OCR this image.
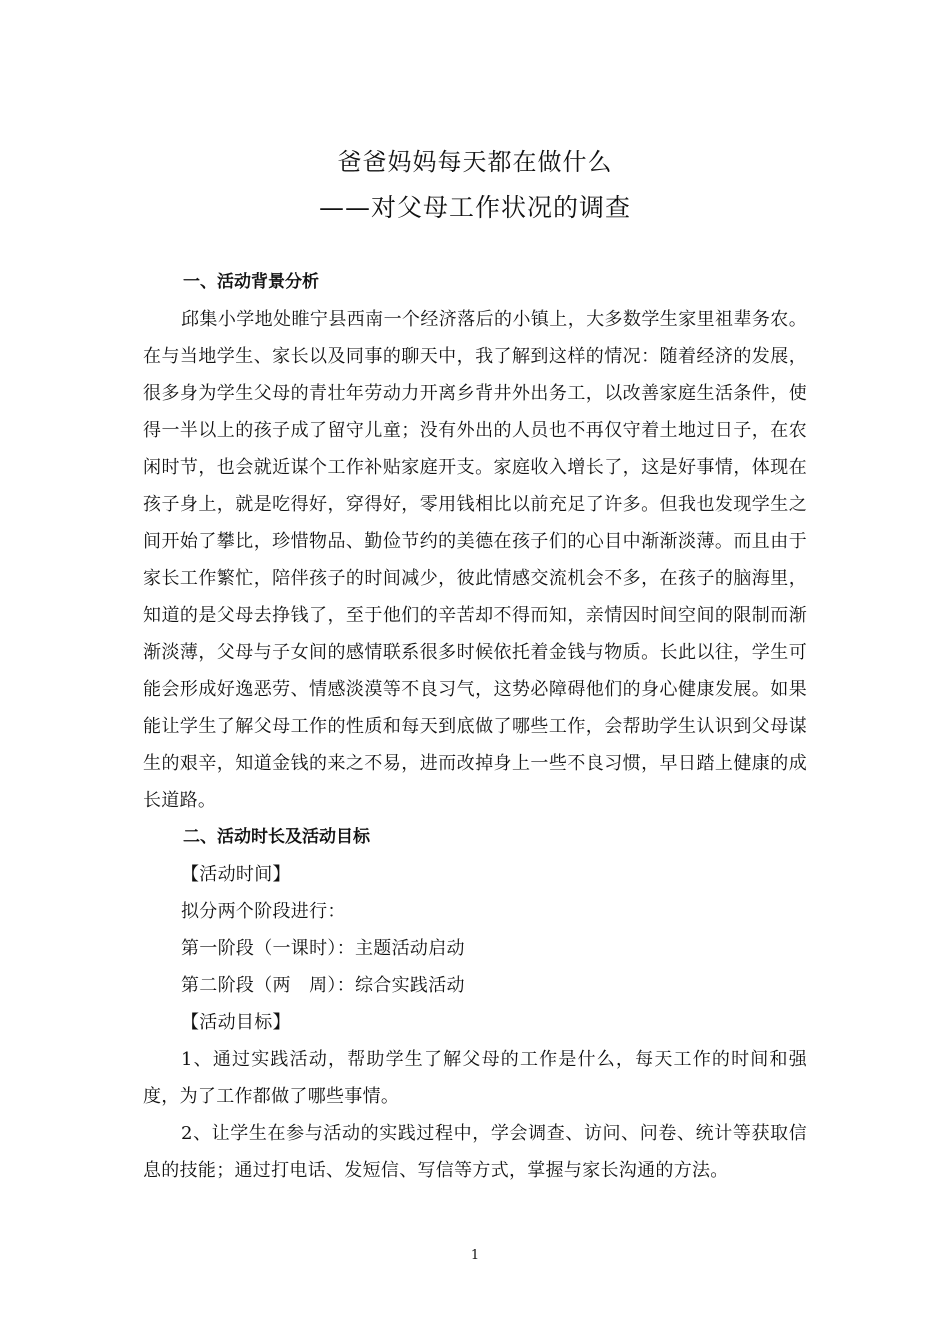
爸爸妈妈每天都在做什么
——对父母工作状况的调查

一、活动背景分析

邱集小学地处睢宁县西南一个经济落后的小镇上，大多数学生家里祖辈务农。在与当地学生、家长以及同事的聊天中，我了解到这样的情况：随着经济的发展，很多身为学生父母的青壮年劳动力开离乡背井外出务工，以改善家庭生活条件，使得一半以上的孩子成了留守儿童；没有外出的人员也不再仅守着土地过日子，在农闲时节，也会就近谋个工作补贴家庭开支。家庭收入增长了，这是好事情，体现在孩子身上，就是吃得好，穿得好，零用钱相比以前充足了许多。但我也发现学生之间开始了攀比，珍惜物品、勤俭节约的美德在孩子们的心目中渐渐淡薄。而且由于家长工作繁忙，陪伴孩子的时间减少，彼此情感交流机会不多，在孩子的脑海里，知道的是父母去挣钱了，至于他们的辛苦却不得而知，亲情因时间空间的限制而渐渐淡薄，父母与子女间的感情联系很多时候依托着金钱与物质。长此以往，学生可能会形成好逸恶劳、情感淡漠等不良习气，这势必障碍他们的身心健康发展。如果能让学生了解父母工作的性质和每天到底做了哪些工作，会帮助学生认识到父母谋生的艰辛，知道金钱的来之不易，进而改掉身上一些不良习惯，早日踏上健康的成长道路。

二、活动时长及活动目标

【活动时间】

拟分两个阶段进行：

第一阶段（一课时）：主题活动启动

第二阶段（两　周）：综合实践活动

【活动目标】

1、通过实践活动，帮助学生了解父母的工作是什么，每天工作的时间和强度，为了工作都做了哪些事情。

2、让学生在参与活动的实践过程中，学会调查、访问、问卷、统计等获取信息的技能；通过打电话、发短信、写信等方式，掌握与家长沟通的方法。

1
